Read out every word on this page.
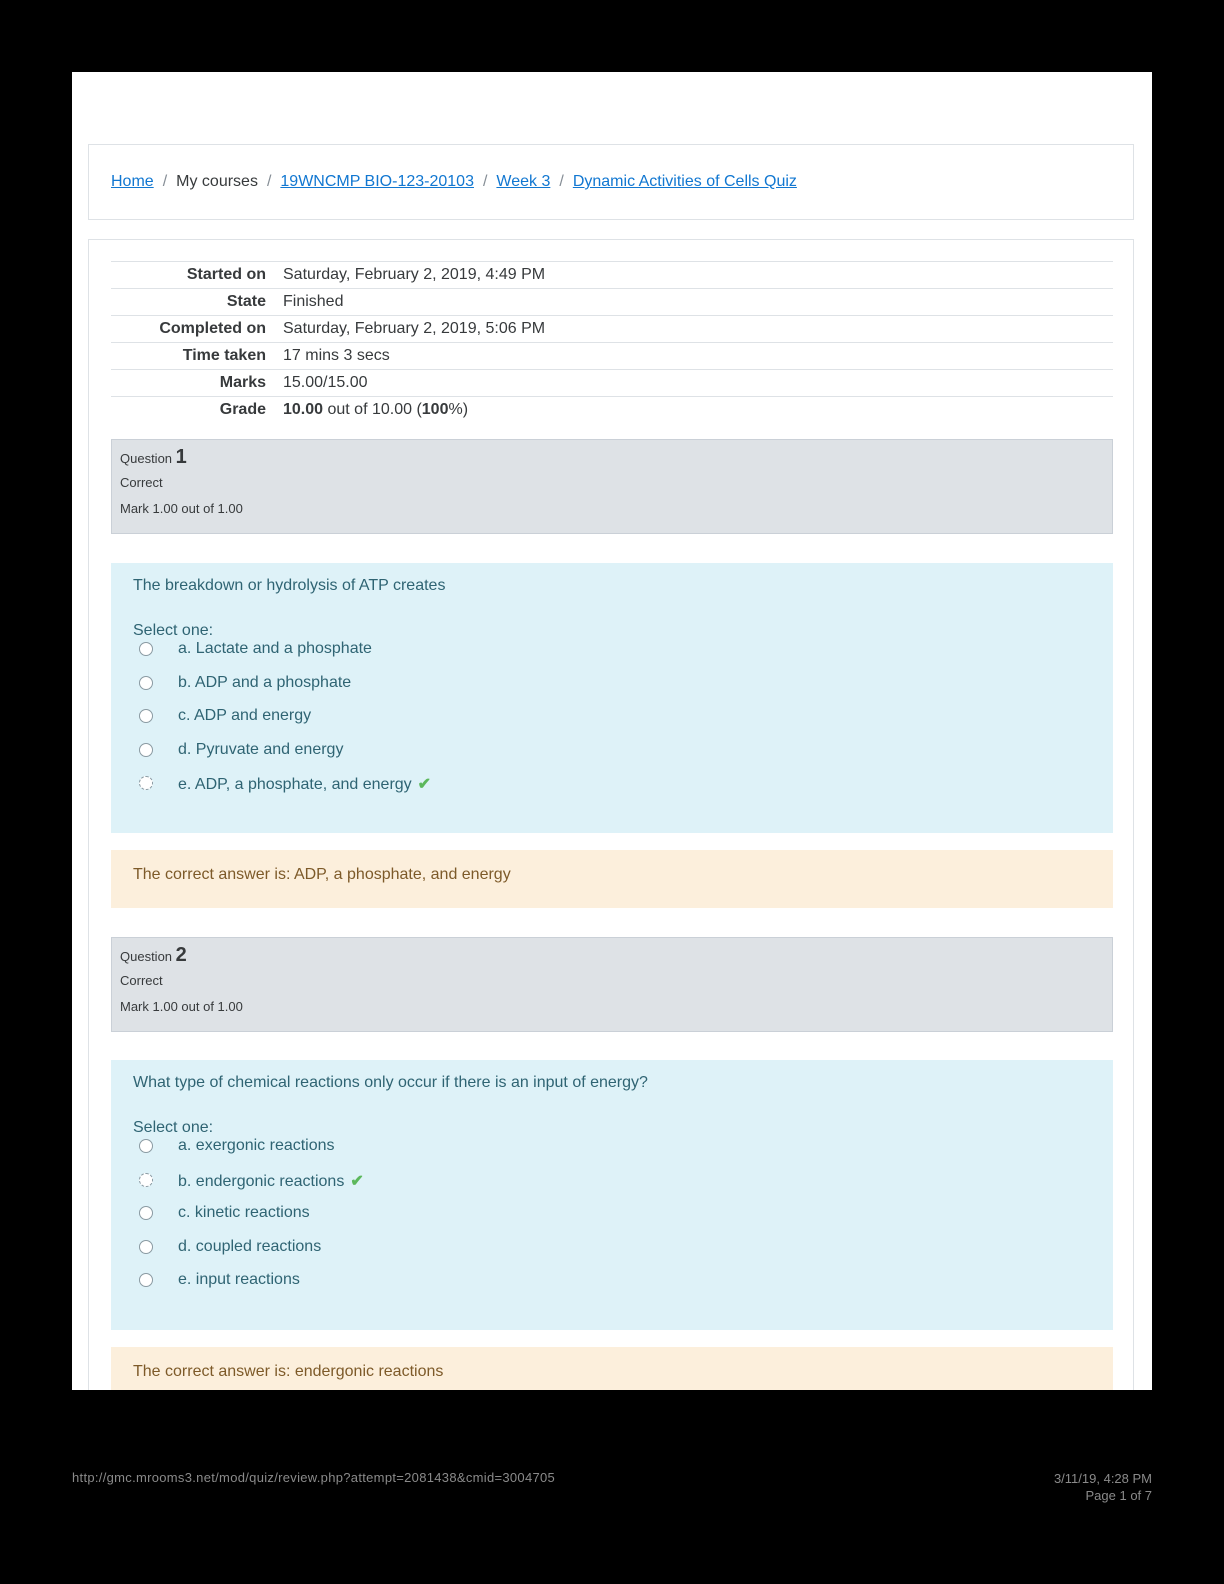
Home / My courses / 19WNCMP BIO-123-20103 / Week 3 / Dynamic Activities of Cells Quiz
Started on	Saturday, February 2, 2019, 4:49 PM
State	Finished
Completed on	Saturday, February 2, 2019, 5:06 PM
Time taken	17 mins 3 secs
Marks	15.00/15.00
Grade	10.00 out of 10.00 (100%)
Question 1
Correct
Mark 1.00 out of 1.00
The breakdown or hydrolysis of ATP creates
Select one:
a. Lactate and a phosphate
b. ADP and a phosphate
c. ADP and energy
d. Pyruvate and energy
e. ADP, a phosphate, and energy ✔
The correct answer is: ADP, a phosphate, and energy
Question 2
Correct
Mark 1.00 out of 1.00
What type of chemical reactions only occur if there is an input of energy?
Select one:
a. exergonic reactions
b. endergonic reactions ✔
c. kinetic reactions
d. coupled reactions
e. input reactions
The correct answer is: endergonic reactions
http://gmc.mrooms3.net/mod/quiz/review.php?attempt=2081438&cmid=3004705	3/11/19, 4:28 PM
Page 1 of 7
